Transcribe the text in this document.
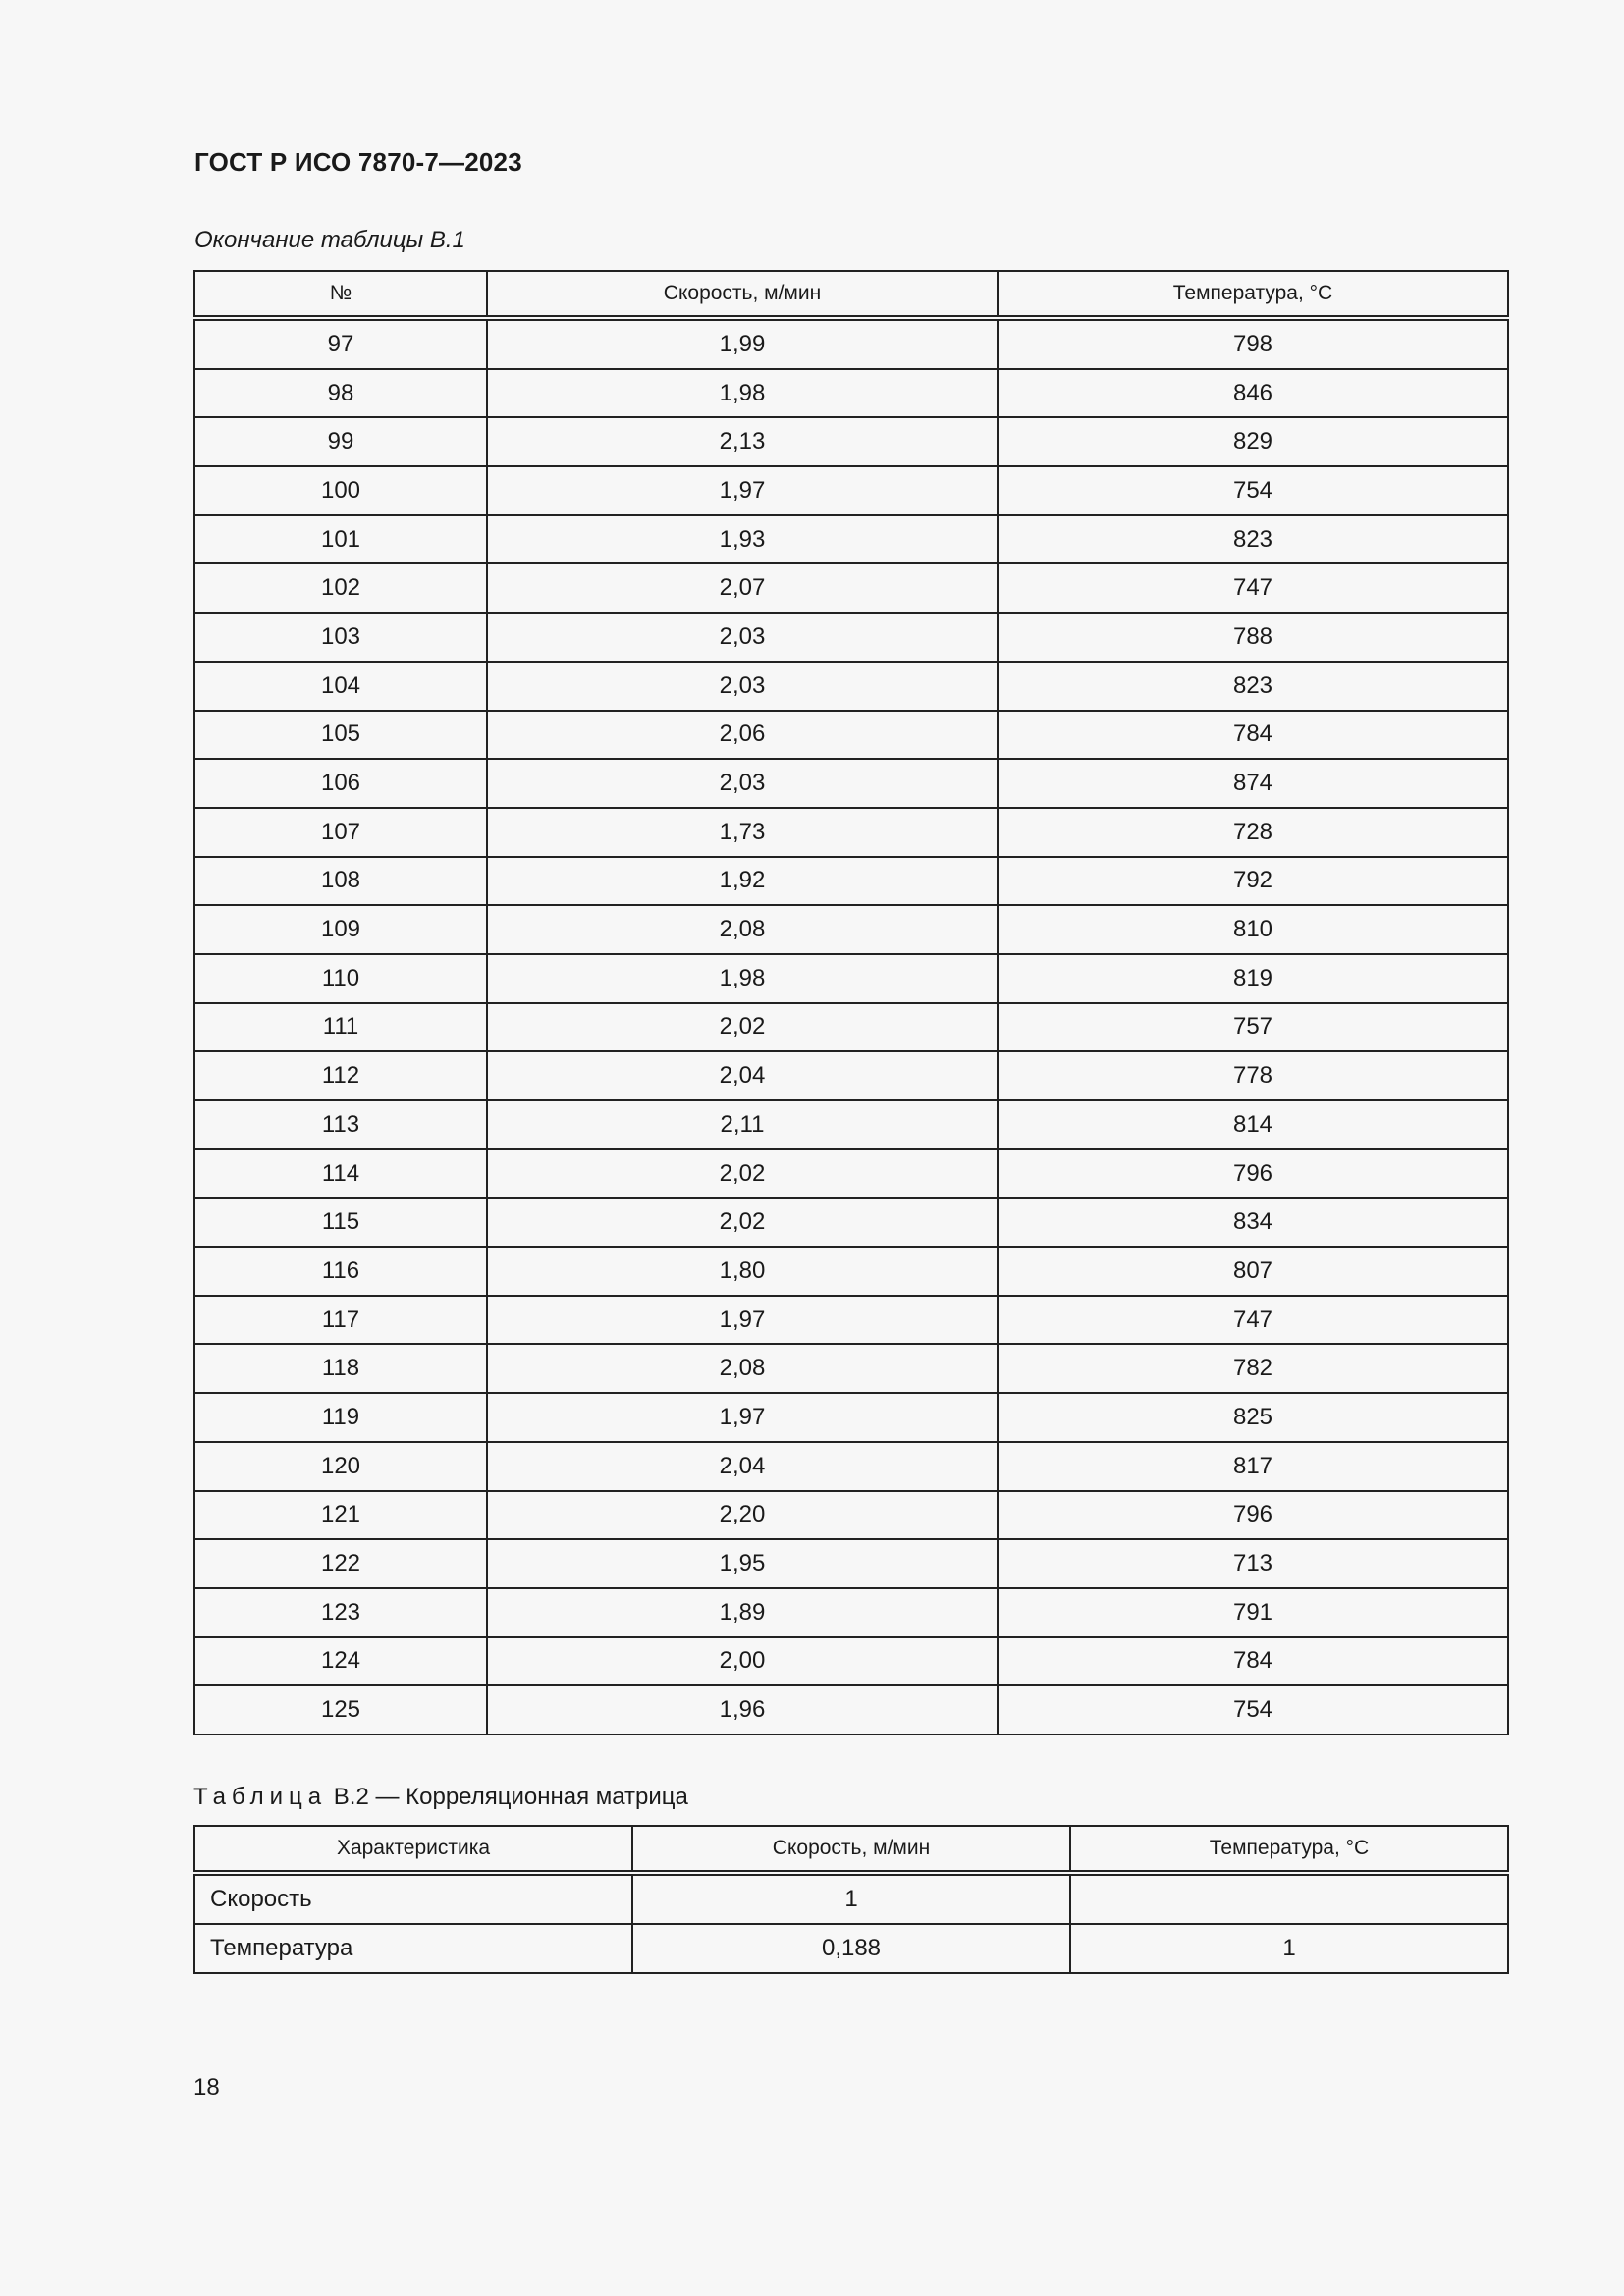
ГОСТ Р ИСО 7870-7—2023
Окончание таблицы В.1
№	Скорость, м/мин	Температура, °С
97	1,99	798
98	1,98	846
99	2,13	829
100	1,97	754
101	1,93	823
102	2,07	747
103	2,03	788
104	2,03	823
105	2,06	784
106	2,03	874
107	1,73	728
108	1,92	792
109	2,08	810
110	1,98	819
111	2,02	757
112	2,04	778
113	2,11	814
114	2,02	796
115	2,02	834
116	1,80	807
117	1,97	747
118	2,08	782
119	1,97	825
120	2,04	817
121	2,20	796
122	1,95	713
123	1,89	791
124	2,00	784
125	1,96	754
Таблица В.2 — Корреляционная матрица
Характеристика	Скорость, м/мин	Температура, °С
Скорость	1	
Температура	0,188	1
18
